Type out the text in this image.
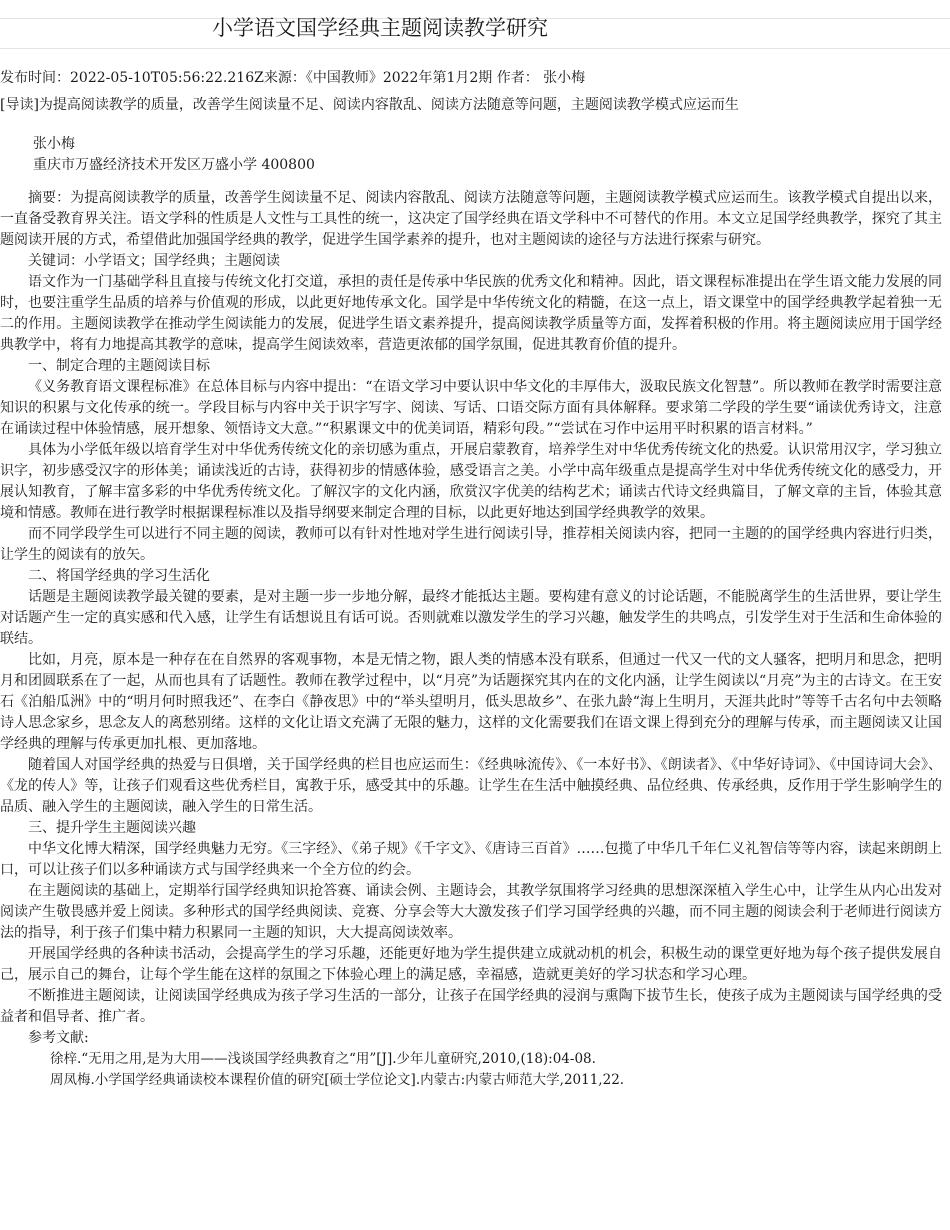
小学语文国学经典主题阅读教学研究
发布时间：2022-05-10T05:56:22.216Z来源：《中国教师》2022年第1月2期 作者： 张小梅
[导读]为提高阅读教学的质量，改善学生阅读量不足、阅读内容散乱、阅读方法随意等问题，主题阅读教学模式应运而生
张小梅
重庆市万盛经济技术开发区万盛小学 400800

摘要：为提高阅读教学的质量，改善学生阅读量不足、阅读内容散乱、阅读方法随意等问题，主题阅读教学模式应运而生。该教学模式自提出以来，一直备受教育界关注。语文学科的性质是人文性与工具性的统一，这决定了国学经典在语文学科中不可替代的作用。本文立足国学经典教学，探究了其主题阅读开展的方式，希望借此加强国学经典的教学，促进学生国学素养的提升，也对主题阅读的途径与方法进行探索与研究。

关键词：小学语文；国学经典；主题阅读

语文作为一门基础学科且直接与传统文化打交道，承担的责任是传承中华民族的优秀文化和精神。因此，语文课程标准提出在学生语文能力发展的同时，也要注重学生品质的培养与价值观的形成，以此更好地传承文化。国学是中华传统文化的精髓，在这一点上，语文课堂中的国学经典教学起着独一无二的作用。主题阅读教学在推动学生阅读能力的发展，促进学生语文素养提升，提高阅读教学质量等方面，发挥着积极的作用。将主题阅读应用于国学经典教学中，将有力地提高其教学的意味，提高学生阅读效率，营造更浓郁的国学氛围，促进其教育价值的提升。

一、制定合理的主题阅读目标

《义务教育语文课程标准》在总体目标与内容中提出：“在语文学习中要认识中华文化的丰厚伟大，汲取民族文化智慧”。所以教师在教学时需要注意知识的积累与文化传承的统一。学段目标与内容中关于识字写字、阅读、写话、口语交际方面有具体解释。要求第二学段的学生要“诵读优秀诗文，注意在诵读过程中体验情感，展开想象、领悟诗文大意。”“积累课文中的优美词语，精彩句段。”“尝试在习作中运用平时积累的语言材料。”

具体为小学低年级以培育学生对中华优秀传统文化的亲切感为重点，开展启蒙教育，培养学生对中华优秀传统文化的热爱。认识常用汉字，学习独立识字，初步感受汉字的形体美；诵读浅近的古诗，获得初步的情感体验，感受语言之美。小学中高年级重点是提高学生对中华优秀传统文化的感受力，开展认知教育，了解丰富多彩的中华优秀传统文化。了解汉字的文化内涵，欣赏汉字优美的结构艺术；诵读古代诗文经典篇目，了解文章的主旨，体验其意境和情感。教师在进行教学时根据课程标准以及指导纲要来制定合理的目标，以此更好地达到国学经典教学的效果。

而不同学段学生可以进行不同主题的阅读，教师可以有针对性地对学生进行阅读引导，推荐相关阅读内容，把同一主题的的国学经典内容进行归类，让学生的阅读有的放矢。

二、将国学经典的学习生活化

话题是主题阅读教学最关键的要素，是对主题一步一步地分解，最终才能抵达主题。要构建有意义的讨论话题，不能脱离学生的生活世界，要让学生对话题产生一定的真实感和代入感，让学生有话想说且有话可说。否则就难以激发学生的学习兴趣，触发学生的共鸣点，引发学生对于生活和生命体验的联结。

比如，月亮，原本是一种存在在自然界的客观事物，本是无情之物，跟人类的情感本没有联系，但通过一代又一代的文人骚客，把明月和思念，把明月和团圆联系在了一起，从而也具有了话题性。教师在教学过程中，以“月亮”为话题探究其内在的文化内涵，让学生阅读以“月亮”为主的古诗文。在王安石《泊船瓜洲》中的“明月何时照我还”、在李白《静夜思》中的“举头望明月，低头思故乡”、在张九龄“海上生明月，天涯共此时”等等千古名句中去领略诗人思念家乡，思念友人的离愁别绪。这样的文化让语文充满了无限的魅力，这样的文化需要我们在语文课上得到充分的理解与传承，而主题阅读又让国学经典的理解与传承更加扎根、更加落地。

随着国人对国学经典的热爱与日俱增，关于国学经典的栏目也应运而生：《经典咏流传》、《一本好书》、《朗读者》、《中华好诗词》、《中国诗词大会》、《龙的传人》等，让孩子们观看这些优秀栏目，寓教于乐，感受其中的乐趣。让学生在生活中触摸经典、品位经典、传承经典，反作用于学生影响学生的品质、融入学生的主题阅读，融入学生的日常生活。

三、提升学生主题阅读兴趣

中华文化博大精深，国学经典魅力无穷。《三字经》、《弟子规》《千字文》、《唐诗三百首》……包揽了中华几千年仁义礼智信等等内容，读起来朗朗上口，可以让孩子们以多种诵读方式与国学经典来一个全方位的约会。

在主题阅读的基础上，定期举行国学经典知识抢答赛、诵读会例、主题诗会，其教学氛围将学习经典的思想深深植入学生心中，让学生从内心出发对阅读产生敬畏感并爱上阅读。多种形式的国学经典阅读、竞赛、分享会等大大激发孩子们学习国学经典的兴趣，而不同主题的阅读会利于老师进行阅读方法的指导，利于孩子们集中精力积累同一主题的知识，大大提高阅读效率。

开展国学经典的各种读书活动，会提高学生的学习乐趣，还能更好地为学生提供建立成就动机的机会，积极生动的课堂更好地为每个孩子提供发展自己，展示自己的舞台，让每个学生能在这样的氛围之下体验心理上的满足感，幸福感，造就更美好的学习状态和学习心理。

不断推进主题阅读，让阅读国学经典成为孩子学习生活的一部分，让孩子在国学经典的浸润与熏陶下拔节生长，使孩子成为主题阅读与国学经典的受益者和倡导者、推广者。

参考文献:

徐梓.“无用之用,是为大用——浅谈国学经典教育之“用”[J].少年儿童研究,2010,(18):04-08.

周凤梅.小学国学经典诵读校本课程价值的研究[硕士学位论文].内蒙古:内蒙古师范大学,2011,22.
